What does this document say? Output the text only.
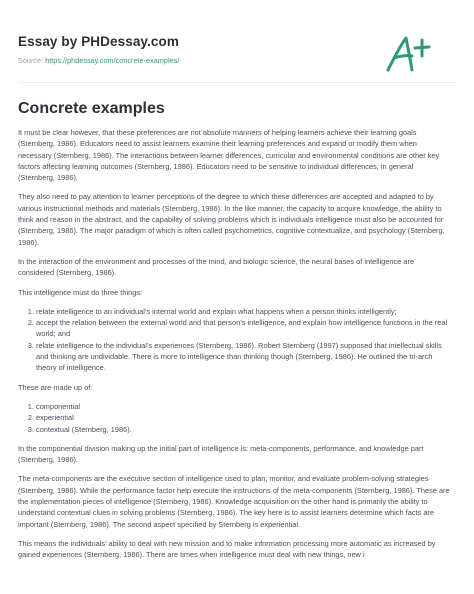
Essay by PHDessay.com
Source: https://phdessay.com/concrete-examples/
Concrete examples

It must be clear however, that these preferences are not absolute manners of helping learners achieve their learning goals (Sternberg, 1986). Educators need to assist learners examine their learning preferences and expand or modify them when necessary (Sternberg, 1986). The interactions between learner differences, curricular and environmental conditions are other key factors affecting learning outcomes (Sternberg, 1986). Educators need to be sensitive to individual differences, in general (Sternberg, 1986).

They also need to pay attention to learner perceptions of the degree to which these differences are accepted and adapted to by various instructional methods and materials (Sternberg, 1986). In the like manner, the capacity to acquire knowledge, the ability to think and reason in the abstract, and the capability of solving problems which is individuals intelligence must also be accounted for (Sternberg, 1986). The major paradigm of which is often called psychometrics, cognitive contextualize, and psychology (Sternberg, 1986).

In the interaction of the environment and processes of the mind, and biologic science, the neural bases of intelligence are considered (Sternberg, 1986).

This intelligence must do three things:

1. relate intelligence to an individual’s internal world and explain what happens when a person thinks intelligently;
2. accept the relation between the external world and that person’s intelligence, and explain how intelligence functions in the real world; and
3. relate intelligence to the individual’s experiences (Sternberg, 1986). Robert Sternberg (1997) supposed that intellectual skills and thinking are undividable. There is more to intelligence than thinking though (Sternberg, 1986). He outlined the tri-arch theory of intelligence.

These are made up of:

1. componential
2. experiential
3. contextual (Sternberg, 1986).

In the componential division making up the initial part of intelligence is: meta-components, performance, and knowledge part (Sternberg, 1986).

The meta-components are the executive section of intelligence used to plan, monitor, and evaluate problem-solving strategies (Sternberg, 1986). While the performance factor help execute the instructions of the meta-components (Sternberg, 1986). These are the implementation pieces of intelligence (Sternberg, 1986). Knowledge acquisition on the other hand is primarily the ability to understand contextual clues in solving problems (Sternberg, 1986). The key here is to assist learners determine which facts are important (Sternberg, 1986). The second aspect specified by Sternberg is experiential.

This means the individuals’ ability to deal with new mission and to make information processing more automatic as increased by gained experiences (Sternberg, 1986). There are times when intelligence must deal with new things, new i
